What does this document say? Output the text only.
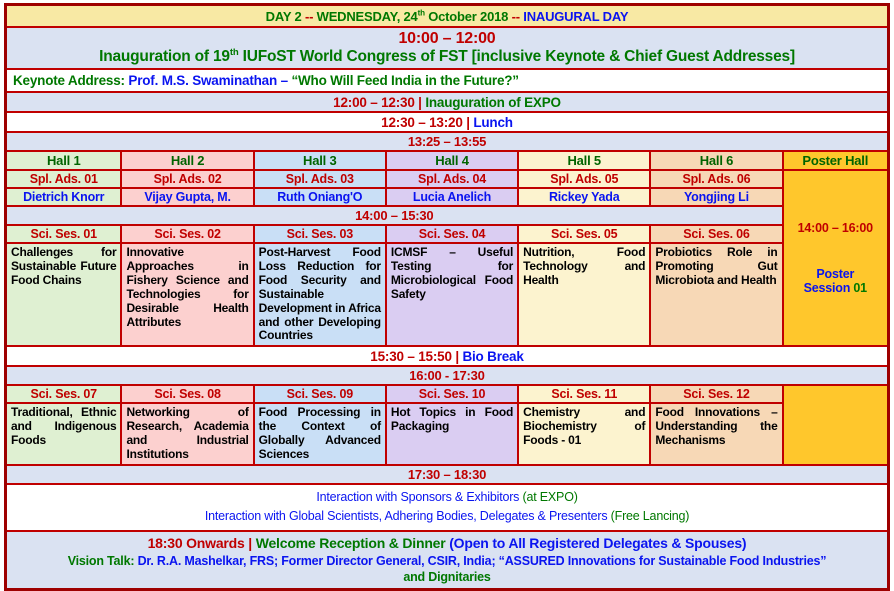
DAY 2 -- WEDNESDAY, 24th October 2018 -- INAUGURAL DAY						

10:00 – 12:00
Inauguration of 19th IUFoST World Congress of FST [inclusive Keynote & Chief Guest Addresses]						

Keynote Address: Prof. M.S. Swaminathan – “Who Will Feed India in the Future?”						
12:00 – 12:30 | Inauguration of EXPO						
12:30 – 13:20 | Lunch						
13:25 – 13:55						
Hall 1	Hall 2	Hall 3	Hall 4	Hall 5	Hall 6	Poster Hall
Spl. Ads. 01	Spl. Ads. 02	Spl. Ads. 03	Spl. Ads. 04	Spl. Ads. 05	Spl. Ads. 06	14:00 – 16:00
Poster
Session 01

Dietrich Knorr	Vijay Gupta, M.	Ruth Oniang'O	Lucia Anelich	Rickey Yada	Yongjing Li	
14:00 – 15:30						
Sci. Ses. 01	Sci. Ses. 02	Sci. Ses. 03	Sci. Ses. 04	Sci. Ses. 05	Sci. Ses. 06	
Challenges for Sustainable Future Food Chains	Innovative Approaches in Fishery Science and Technologies for Desirable Health Attributes	Post-Harvest Food Loss Reduction for Food Security and Sustainable Development in Africa and other Developing Countries	ICMSF – Useful Testing for Microbiological Food Safety	Nutrition, Food Technology and Health	Probiotics Role in Promoting Gut Microbiota and Health	
15:30 – 15:50 | Bio Break						
16:00 - 17:30						
Sci. Ses. 07	Sci. Ses. 08	Sci. Ses. 09	Sci. Ses. 10	Sci. Ses. 11	Sci. Ses. 12	
Traditional, Ethnic and Indigenous Foods	Networking of Research, Academia and Industrial Institutions	Food Processing in the Context of Globally Advanced Sciences	Hot Topics in Food Packaging	Chemistry and Biochemistry of Foods - 01	Food Innovations – Understanding the Mechanisms	
17:30 – 18:30						

Interaction with Sponsors & Exhibitors (at EXPO)
Interaction with Global Scientists, Adhering Bodies, Delegates & Presenters (Free Lancing)						

18:30 Onwards | Welcome Reception & Dinner (Open to All Registered Delegates & Spouses)
Vision Talk: Dr. R.A. Mashelkar, FRS; Former Director General, CSIR, India; “ASSURED Innovations for Sustainable Food Industries”
and Dignitaries						
